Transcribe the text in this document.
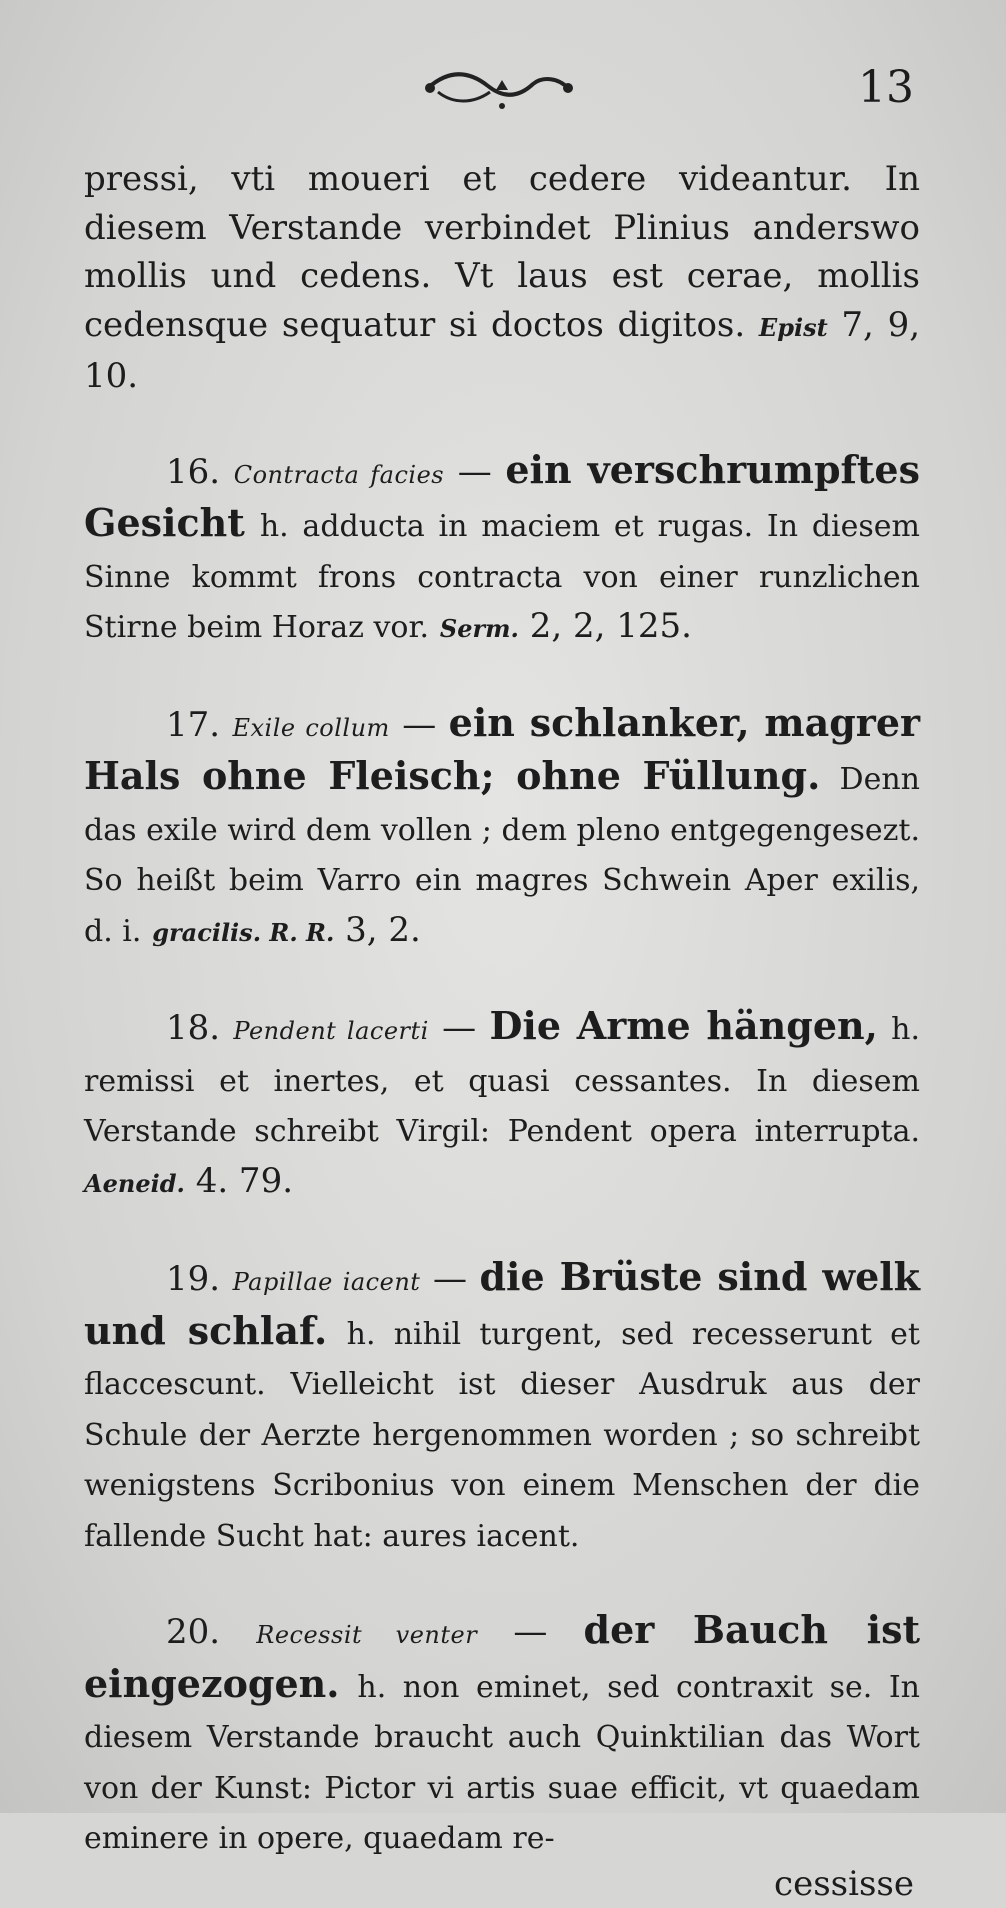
13

pressi, vti moueri et cedere videantur. In diesem Verstande verbindet Plinius anderswo mollis und cedens. Vt laus est cerae, mollis cedensque sequatur si doctos digitos. Epist 7, 9, 10.

16. Contracta facies — ein verschrumpftes Gesicht h. adducta in maciem et rugas. In diesem Sinne kommt frons contracta von einer runzlichen Stirne beim Horaz vor. Serm. 2, 2, 125.

17. Exile collum — ein schlanker, magrer Hals ohne Fleisch; ohne Füllung. Denn das exile wird dem vollen ; dem pleno entgegengesezt. So heißt beim Varro ein magres Schwein Aper exilis, d. i. gracilis. R. R. 3, 2.

18. Pendent lacerti — Die Arme hängen, h. remissi et inertes, et quasi cessantes. In diesem Verstande schreibt Virgil: Pendent opera interrupta. Aeneid. 4. 79.

19. Papillae iacent — die Brüste sind welk und schlaf. h. nihil turgent, sed recesserunt et flaccescunt. Vielleicht ist dieser Ausdruk aus der Schule der Aerzte hergenommen worden ; so schreibt wenigstens Scribonius von einem Menschen der die fallende Sucht hat: aures iacent.

20. Recessit venter — der Bauch ist eingezogen. h. non eminet, sed contraxit se. In diesem Verstande braucht auch Quinktilian das Wort von der Kunst: Pictor vi artis suae efficit, vt quaedam eminere in opere, quaedam re-

cessisse
